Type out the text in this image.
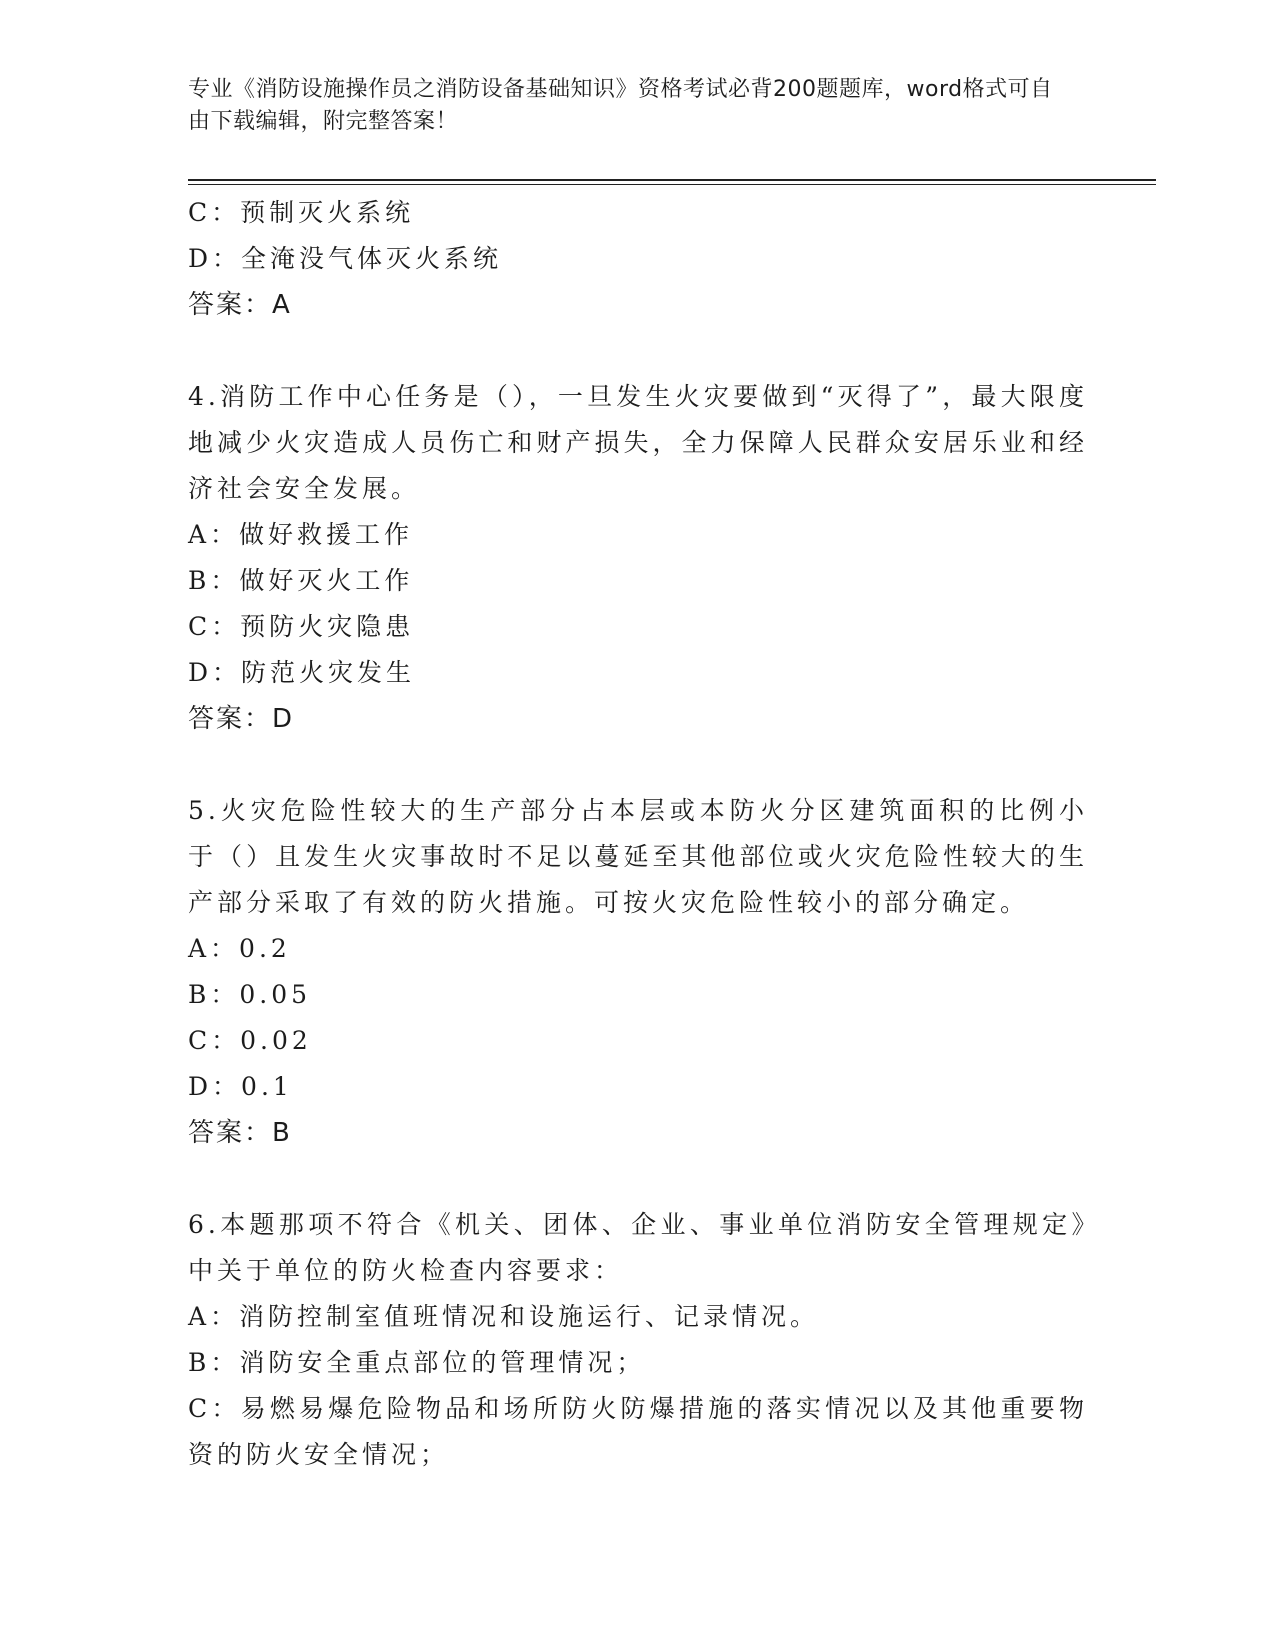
专业《消防设施操作员之消防设备基础知识》资格考试必背200题题库，word格式可自由下载编辑，附完整答案！
C：预制灭火系统
D：全淹没气体灭火系统
答案：A
4.消防工作中心任务是（），一旦发生火灾要做到“灭得了”，最大限度地减少火灾造成人员伤亡和财产损失，全力保障人民群众安居乐业和经济社会安全发展。
A：做好救援工作
B：做好灭火工作
C：预防火灾隐患
D：防范火灾发生
答案：D
5.火灾危险性较大的生产部分占本层或本防火分区建筑面积的比例小于（）且发生火灾事故时不足以蔓延至其他部位或火灾危险性较大的生产部分采取了有效的防火措施。可按火灾危险性较小的部分确定。
A：0.2
B：0.05
C：0.02
D：0.1
答案：B
6.本题那项不符合《机关、团体、企业、事业单位消防安全管理规定》中关于单位的防火检查内容要求：
A：消防控制室值班情况和设施运行、记录情况。
B：消防安全重点部位的管理情况；
C：易燃易爆危险物品和场所防火防爆措施的落实情况以及其他重要物资的防火安全情况；
